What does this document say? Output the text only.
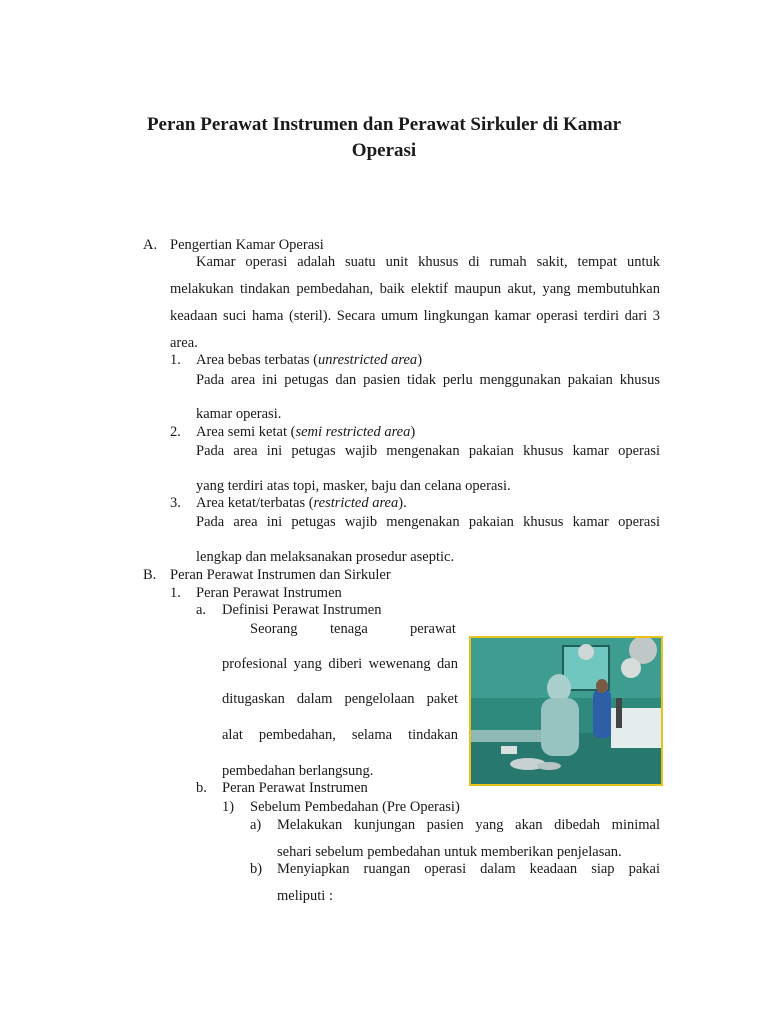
Peran Perawat Instrumen dan Perawat Sirkuler di Kamar
Operasi
A. Pengertian Kamar Operasi
Kamar operasi adalah suatu unit khusus di rumah sakit, tempat untuk
melakukan tindakan pembedahan, baik elektif maupun akut, yang membutuhkan
keadaan suci hama (steril). Secara umum lingkungan kamar operasi terdiri dari 3
area.
1. Area bebas terbatas (unrestricted area)
Pada area ini petugas dan pasien tidak perlu menggunakan pakaian khusus
kamar operasi.
2. Area semi ketat (semi restricted area)
Pada area ini petugas wajib mengenakan pakaian khusus kamar operasi
yang terdiri atas topi, masker, baju dan celana operasi.
3. Area ketat/terbatas (restricted area).
Pada area ini petugas wajib mengenakan pakaian khusus kamar operasi
lengkap dan melaksanakan prosedur aseptic.
B. Peran Perawat Instrumen dan Sirkuler
1. Peran Perawat Instrumen
a. Definisi Perawat Instrumen
Seorang tenaga	perawat
profesional yang diberi wewenang dan
ditugaskan dalam pengelolaan paket
alat pembedahan, selama tindakan
pembedahan berlangsung.
b. Peran Perawat Instrumen
1) Sebelum Pembedahan (Pre Operasi)
a) Melakukan kunjungan pasien yang akan dibedah minimal
sehari sebelum pembedahan untuk memberikan penjelasan.
b) Menyiapkan ruangan operasi dalam keadaan siap pakai
meliputi :
